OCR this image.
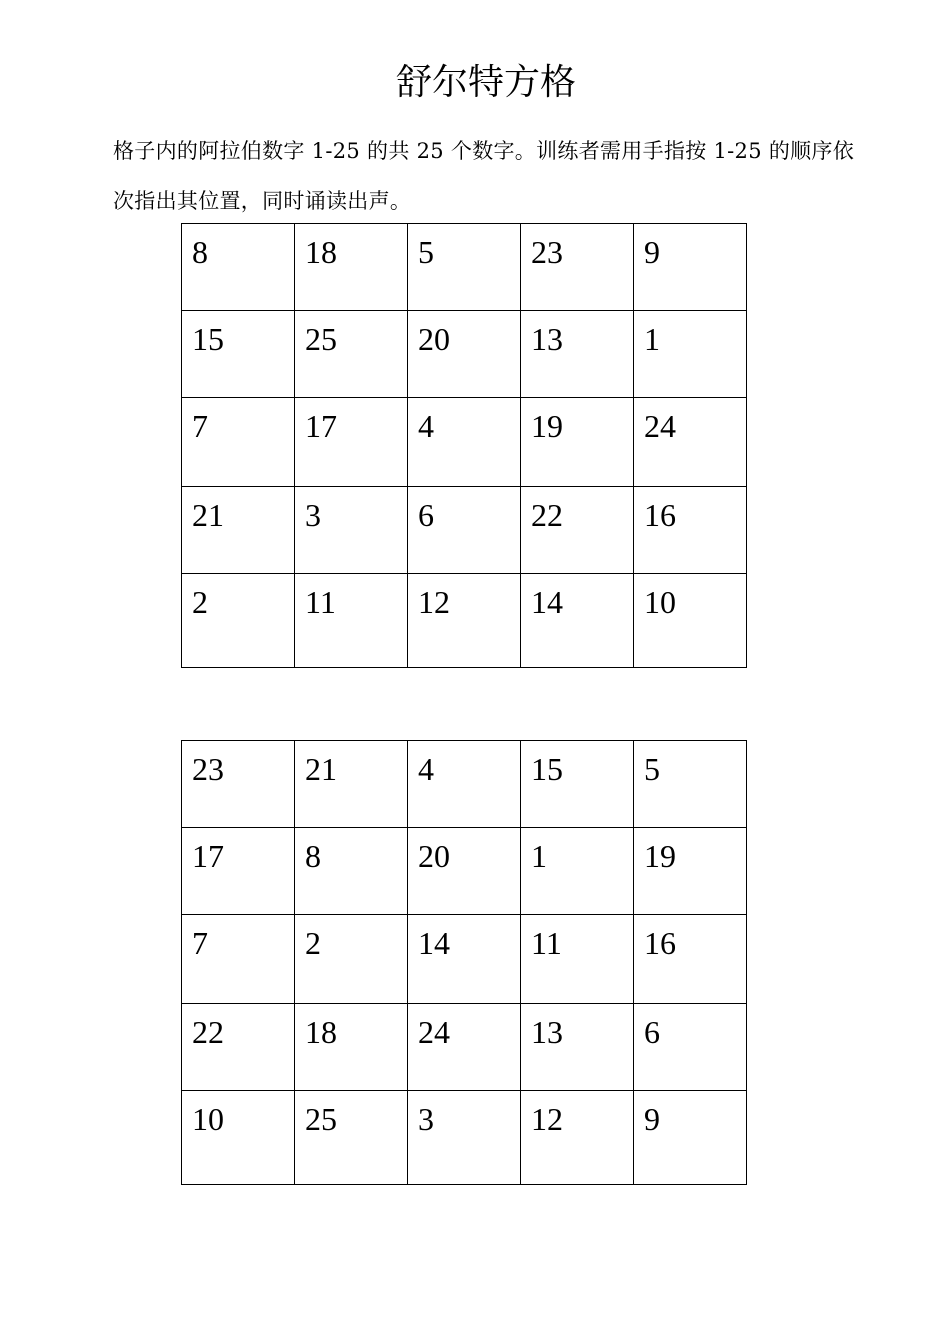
舒尔特方格
格子内的阿拉伯数字 1-25 的共 25 个数字。训练者需用手指按 1-25 的顺序依
次指出其位置，同时诵读出声。
8	18	5	23	9
15	25	20	13	1
7	17	4	19	24
21	3	6	22	16
2	11	12	14	10
23	21	4	15	5
17	8	20	1	19
7	2	14	11	16
22	18	24	13	6
10	25	3	12	9
